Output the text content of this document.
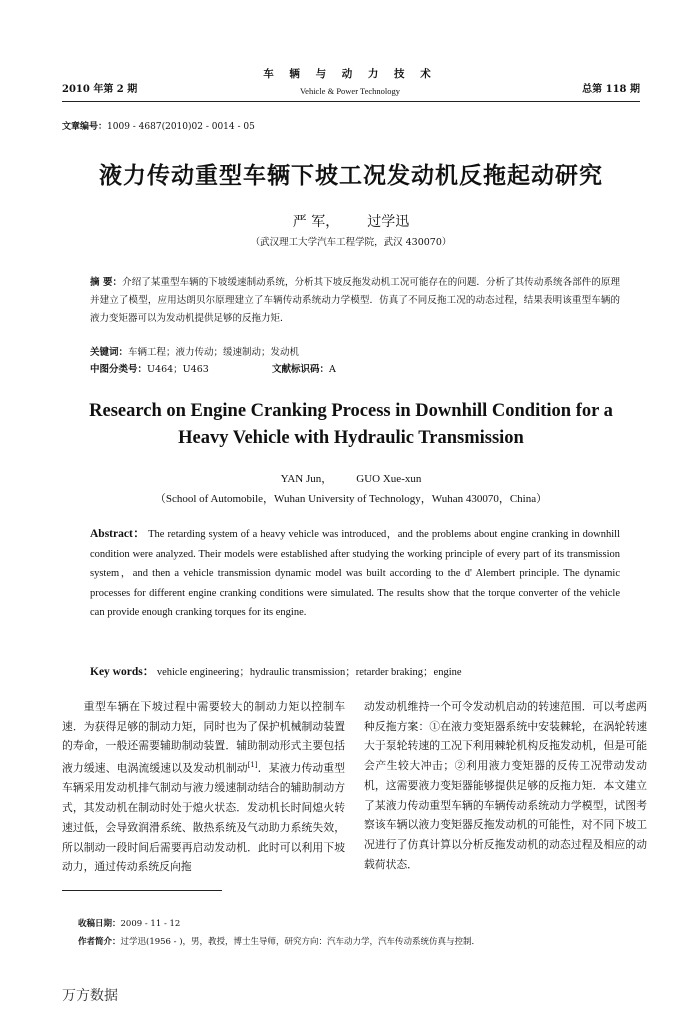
2010 年第 2 期
车 辆 与 动 力 技 术
Vehicle & Power Technology	总第 118 期
文章编号：1009 - 4687(2010)02 - 0014 - 05
液力传动重型车辆下坡工况发动机反拖起动研究
严 军， 过学迅
（武汉理工大学汽车工程学院，武汉 430070）
摘 要：介绍了某重型车辆的下坡缓速制动系统，分析其下坡反拖发动机工况可能存在的问题．分析了其传动系统各部件的原理并建立了模型，应用达朗贝尔原理建立了车辆传动系统动力学模型．仿真了不同反拖工况的动态过程，结果表明该重型车辆的液力变矩器可以为发动机提供足够的反拖力矩．
关键词：车辆工程；液力传动；缓速制动；发动机
中图分类号：U464；U463	文献标识码：A
Research on Engine Cranking Process in Downhill Condition for a Heavy Vehicle with Hydraulic Transmission
YAN Jun， GUO Xue-xun
（School of Automobile，Wuhan University of Technology，Wuhan 430070，China）
Abstract： The retarding system of a heavy vehicle was introduced，and the problems about engine cranking in downhill condition were analyzed. Their models were established after studying the working principle of every part of its transmission system，and then a vehicle transmission dynamic model was built according to the d' Alembert principle. The dynamic processes for different engine cranking conditions were simulated. The results show that the torque converter of the vehicle can provide enough cranking torques for its engine.
Key words： vehicle engineering；hydraulic transmission；retarder braking；engine
重型车辆在下坡过程中需要较大的制动力矩以控制车速．为获得足够的制动力矩，同时也为了保护机械制动装置的寿命，一般还需要辅助制动装置．辅助制动形式主要包括液力缓速、电涡流缓速以及发动机制动[1]．某液力传动重型车辆采用发动机排气制动与液力缓速制动结合的辅助制动方式，其发动机在制动时处于熄火状态．发动机长时间熄火转速过低，会导致润滑系统、散热系统及气动助力系统失效，所以制动一段时间后需要再启动发动机．此时可以利用下坡动力，通过传动系统反向拖
动发动机维持一个可令发动机启动的转速范围．可以考虑两种反拖方案：①在液力变矩器系统中安装棘轮，在涡轮转速大于泵轮转速的工况下利用棘轮机构反拖发动机，但是可能会产生较大冲击；②利用液力变矩器的反传工况带动发动机，这需要液力变矩器能够提供足够的反拖力矩．本文建立了某液力传动重型车辆的车辆传动系统动力学模型，试图考察该车辆以液力变矩器反拖发动机的可能性，对不同下坡工况进行了仿真计算以分析反拖发动机的动态过程及相应的动载荷状态．
收稿日期：2009 - 11 - 12
作者简介：过学迅(1956 - )，男，教授，博士生导师，研究方向：汽车动力学，汽车传动系统仿真与控制．
万方数据
